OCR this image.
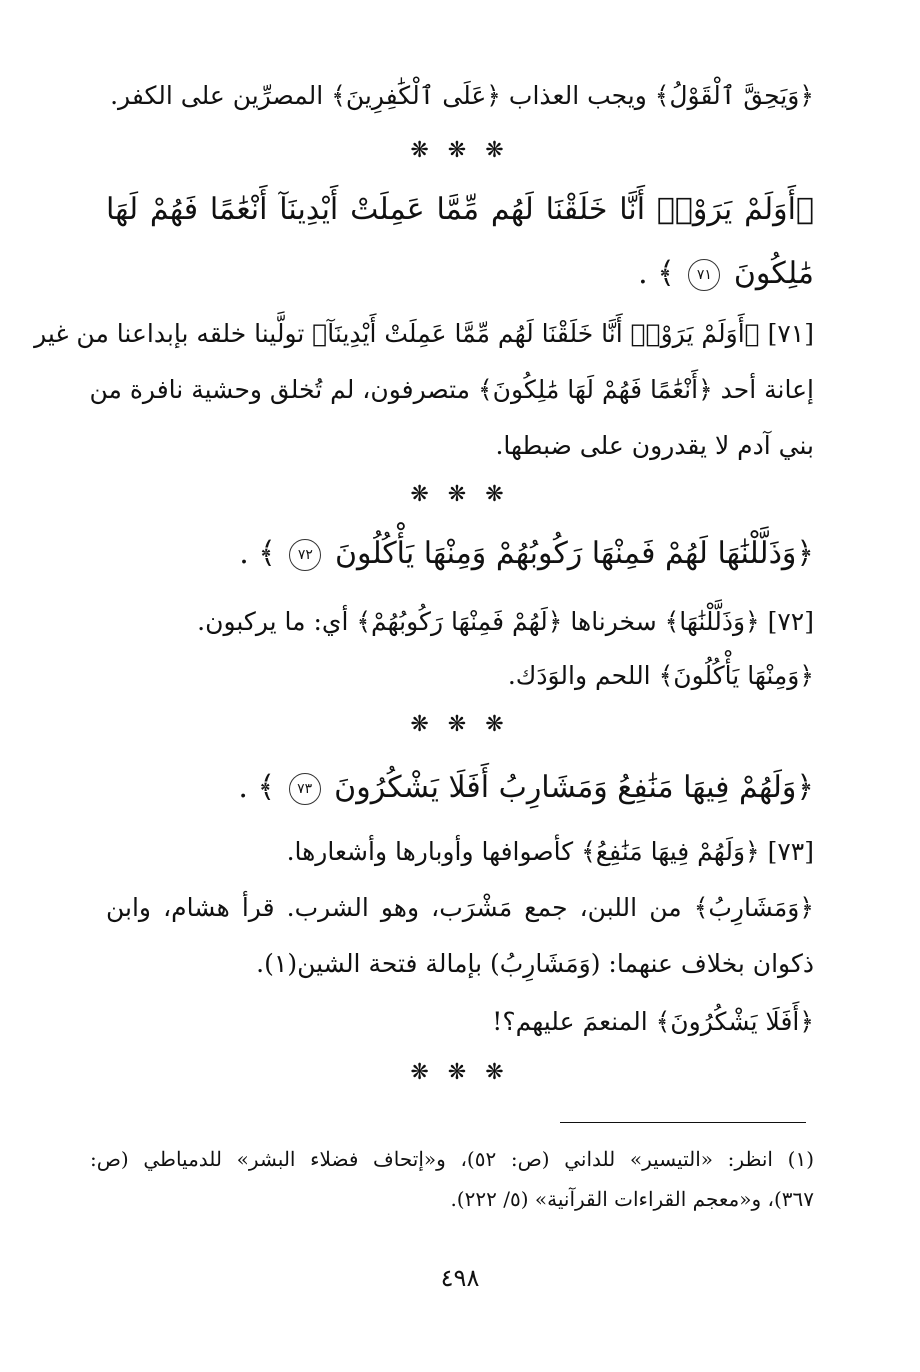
﴿وَيَحِقَّ ٱلْقَوْلُ﴾ ويجب العذاب ﴿عَلَى ٱلْكَٰفِرِينَ﴾ المصرِّين على الكفر.
❋ ❋ ❋
﴿أَوَلَمْ يَرَوْا۟ أَنَّا خَلَقْنَا لَهُم مِّمَّا عَمِلَتْ أَيْدِينَآ أَنْعَٰمًا فَهُمْ لَهَا
مَٰلِكُونَ ٧١ ﴾ .
[٧١] ﴿أَوَلَمْ يَرَوْا۟ أَنَّا خَلَقْنَا لَهُم مِّمَّا عَمِلَتْ أَيْدِينَآ﴾ تولَّينا خلقه بإبداعنا من غير
إعانة أحد ﴿أَنْعَٰمًا فَهُمْ لَهَا مَٰلِكُونَ﴾ متصرفون، لم تُخلق وحشية نافرة من
بني آدم لا يقدرون على ضبطها.
❋ ❋ ❋
﴿وَذَلَّلْنَٰهَا لَهُمْ فَمِنْهَا رَكُوبُهُمْ وَمِنْهَا يَأْكُلُونَ ٧٢ ﴾ .
[٧٢] ﴿وَذَلَّلْنَٰهَا﴾ سخرناها ﴿لَهُمْ فَمِنْهَا رَكُوبُهُمْ﴾ أي: ما يركبون.
﴿وَمِنْهَا يَأْكُلُونَ﴾ اللحم والوَدَك.
❋ ❋ ❋
﴿وَلَهُمْ فِيهَا مَنَٰفِعُ وَمَشَارِبُ أَفَلَا يَشْكُرُونَ ٧٣ ﴾ .
[٧٣] ﴿وَلَهُمْ فِيهَا مَنَٰفِعُ﴾ كأصوافها وأوبارها وأشعارها.
﴿وَمَشَارِبُ﴾ من اللبن، جمع مَشْرَب، وهو الشرب. قرأ هشام، وابن
ذكوان بخلاف عنهما: (وَمَشَارِبُ) بإمالة فتحة الشين(١).
﴿أَفَلَا يَشْكُرُونَ﴾ المنعمَ عليهم؟!
❋ ❋ ❋
(١) انظر: «التيسير» للداني (ص: ٥٢)، و«إتحاف فضلاء البشر» للدمياطي (ص:
٣٦٧)، و«معجم القراءات القرآنية» (٥/ ٢٢٢).
٤٩٨
